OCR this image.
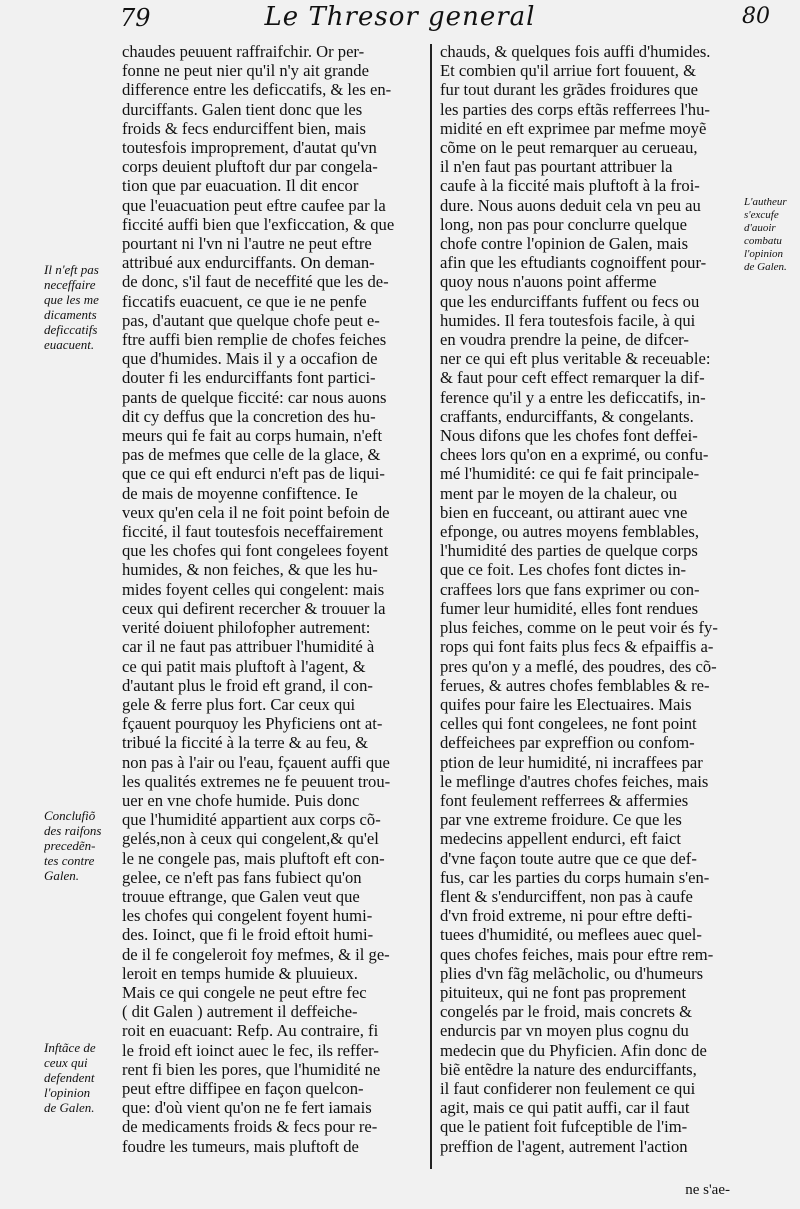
79	Le Thresor general	80
Il n'eft pas
neceffaire
que les me
dicaments
deficcatifs
euacuent.
Conclufiõ
des raifons
precedẽn-
tes contre
Galen.
Inftãce de
ceux qui
defendent
l'opinion
de Galen.
L'autheur
s'excufe
d'auoir
combatu
l'opinion
de Galen.
chaudes peuuent raffraifchir. Or per-
fonne ne peut nier qu'il n'y ait grande
difference entre les deficcatifs, & les en-
durciffants. Galen tient donc que les
froids & fecs endurciffent bien, mais
toutesfois improprement, d'autat qu'vn
corps deuient pluftoft dur par congela-
tion que par euacuation. Il dit encor
que l'euacuation peut eftre caufee par la
ficcité auffi bien que l'exficcation, & que
pourtant ni l'vn ni l'autre ne peut eftre
attribué aux endurciffants. On deman-
de donc, s'il faut de neceffité que les de-
ficcatifs euacuent, ce que ie ne penfe
pas, d'autant que quelque chofe peut e-
ftre auffi bien remplie de chofes feiches
que d'humides. Mais il y a occafion de
douter fi les endurciffants font partici-
pants de quelque ficcité: car nous auons
dit cy deffus que la concretion des hu-
meurs qui fe fait au corps humain, n'eft
pas de mefmes que celle de la glace, &
que ce qui eft endurci n'eft pas de liqui-
de mais de moyenne confiftence. Ie
veux qu'en cela il ne foit point befoin de
ficcité, il faut toutesfois neceffairement
que les chofes qui font congelees foyent
humides, & non feiches, & que les hu-
mides foyent celles qui congelent: mais
ceux qui defirent recercher & trouuer la
verité doiuent philofopher autrement:
car il ne faut pas attribuer l'humidité à
ce qui patit mais pluftoft à l'agent, &
d'autant plus le froid eft grand, il con-
gele & ferre plus fort. Car ceux qui
fçauent pourquoy les Phyficiens ont at-
tribué la ficcité à la terre & au feu, &
non pas à l'air ou l'eau, fçauent auffi que
les qualités extremes ne fe peuuent trou-
uer en vne chofe humide. Puis donc
que l'humidité appartient aux corps cõ-
gelés,non à ceux qui congelent,& qu'el
le ne congele pas, mais pluftoft eft con-
gelee, ce n'eft pas fans fubiect qu'on
trouue eftrange, que Galen veut que
les chofes qui congelent foyent humi-
des. Ioinct, que fi le froid eftoit humi-
de il fe congeleroit foy mefmes, & il ge-
leroit en temps humide & pluuieux.
Mais ce qui congele ne peut eftre fec
( dit Galen ) autrement il deffeiche-
roit en euacuant: Refp. Au contraire, fi
le froid eft ioinct auec le fec, ils reffer-
rent fi bien les pores, que l'humidité ne
peut eftre diffipee en façon quelcon-
que: d'où vient qu'on ne fe fert iamais
de medicaments froids & fecs pour re-
foudre les tumeurs, mais pluftoft de
chauds, & quelques fois auffi d'humides.
Et combien qu'il arriue fort fouuent, &
fur tout durant les grãdes froidures que
les parties des corps eftãs refferrees l'hu-
midité en eft exprimee par mefme moyẽ
cõme on le peut remarquer au cerueau,
il n'en faut pas pourtant attribuer la
caufe à la ficcité mais pluftoft à la froi-
dure. Nous auons deduit cela vn peu au
long, non pas pour conclurre quelque
chofe contre l'opinion de Galen, mais
afin que les eftudiants cognoiffent pour-
quoy nous n'auons point afferme
que les endurciffants fuffent ou fecs ou
humides. Il fera toutesfois facile, à qui
en voudra prendre la peine, de difcer-
ner ce qui eft plus veritable & receuable:
& faut pour ceft effect remarquer la dif-
ference qu'il y a entre les deficcatifs, in-
craffants, endurciffants, & congelants.
Nous difons que les chofes font deffei-
chees lors qu'on en a exprimé, ou confu-
mé l'humidité: ce qui fe fait principale-
ment par le moyen de la chaleur, ou
bien en fucceant, ou attirant auec vne
efponge, ou autres moyens femblables,
l'humidité des parties de quelque corps
que ce foit. Les chofes font dictes in-
craffees lors que fans exprimer ou con-
fumer leur humidité, elles font rendues
plus feiches, comme on le peut voir és fy-
rops qui font faits plus fecs & efpaiffis a-
pres qu'on y a meflé, des poudres, des cõ-
ferues, & autres chofes femblables & re-
quifes pour faire les Electuaires. Mais
celles qui font congelees, ne font point
deffeichees par expreffion ou confom-
ption de leur humidité, ni incraffees par
le meflinge d'autres chofes feiches, mais
font feulement refferrees & affermies
par vne extreme froidure. Ce que les
medecins appellent endurci, eft faict
d'vne façon toute autre que ce que def-
fus, car les parties du corps humain s'en-
flent & s'endurciffent, non pas à caufe
d'vn froid extreme, ni pour eftre defti-
tuees d'humidité, ou meflees auec quel-
ques chofes feiches, mais pour eftre rem-
plies d'vn fãg melãcholic, ou d'humeurs
pituiteux, qui ne font pas proprement
congelés par le froid, mais concrets &
endurcis par vn moyen plus cognu du
medecin que du Phyficien. Afin donc de
biẽ entẽdre la nature des endurciffants,
il faut confiderer non feulement ce qui
agit, mais ce qui patit auffi, car il faut
que le patient foit fufceptible de l'im-
preffion de l'agent, autrement l'action
ne s'ae-
